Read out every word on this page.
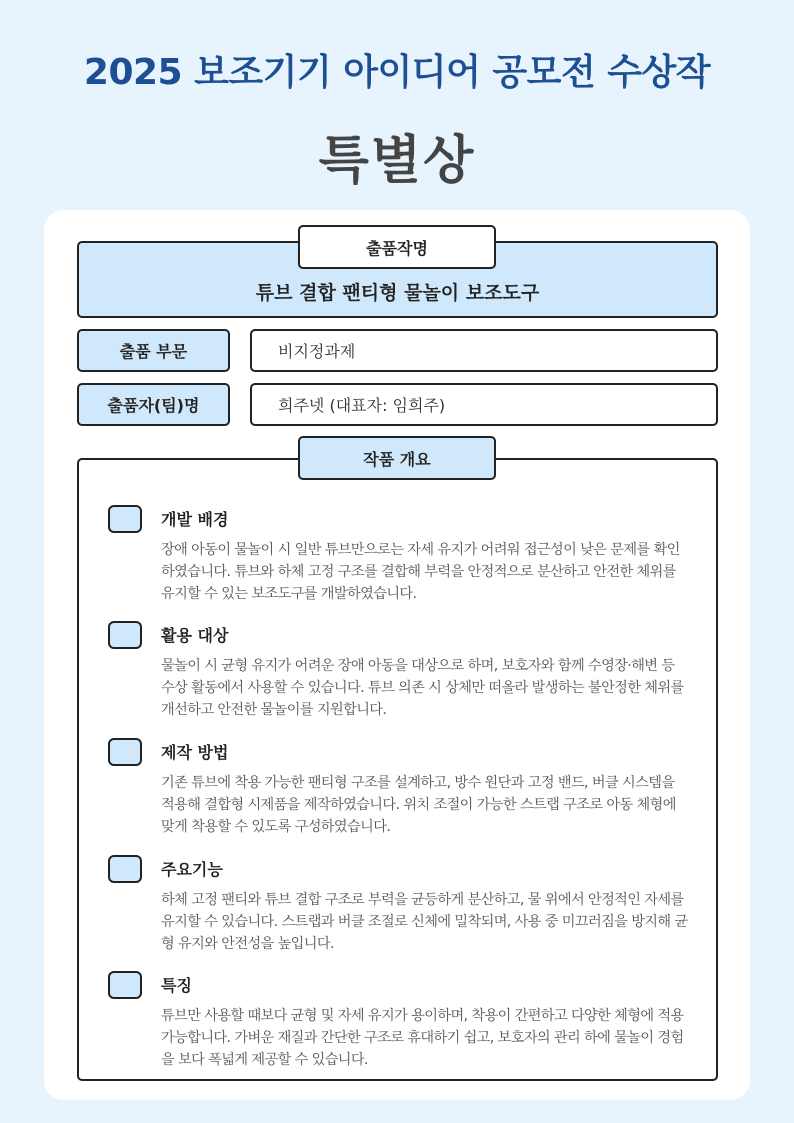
2025 보조기기 아이디어 공모전 수상작
특별상
출품작명
튜브 결합 팬티형 물놀이 보조도구
출품 부문	비지정과제
출품자(팀)명	희주넷 (대표자: 임희주)
작품 개요
개발 배경
장애 아동이 물놀이 시 일반 튜브만으로는 자세 유지가 어려워 접근성이 낮은 문제를 확인하였습니다. 튜브와 하체 고정 구조를 결합해 부력을 안정적으로 분산하고 안전한 체위를 유지할 수 있는 보조도구를 개발하였습니다.
활용 대상
물놀이 시 균형 유지가 어려운 장애 아동을 대상으로 하며, 보호자와 함께 수영장·해변 등 수상 활동에서 사용할 수 있습니다. 튜브 의존 시 상체만 떠올라 발생하는 불안정한 체위를 개선하고 안전한 물놀이를 지원합니다.
제작 방법
기존 튜브에 착용 가능한 팬티형 구조를 설계하고, 방수 원단과 고정 밴드, 버클 시스템을 적용해 결합형 시제품을 제작하였습니다. 위치 조절이 가능한 스트랩 구조로 아동 체형에 맞게 착용할 수 있도록 구성하였습니다.
주요기능
하체 고정 팬티와 튜브 결합 구조로 부력을 균등하게 분산하고, 물 위에서 안정적인 자세를 유지할 수 있습니다. 스트랩과 버클 조절로 신체에 밀착되며, 사용 중 미끄러짐을 방지해 균형 유지와 안전성을 높입니다.
특징
튜브만 사용할 때보다 균형 및 자세 유지가 용이하며, 착용이 간편하고 다양한 체형에 적용 가능합니다. 가벼운 재질과 간단한 구조로 휴대하기 쉽고, 보호자의 관리 하에 물놀이 경험을 보다 폭넓게 제공할 수 있습니다.
